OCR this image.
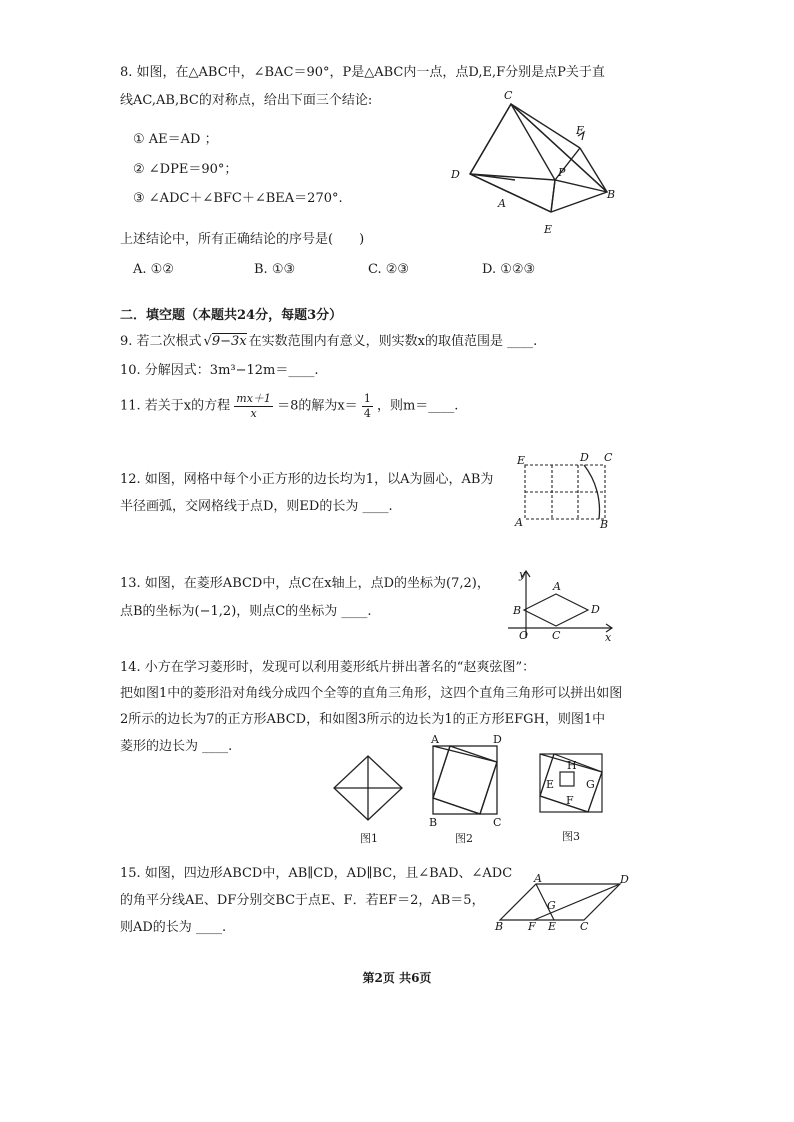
8. 如图，在△ABC中，∠BAC＝90°，P是△ABC内一点，点D,E,F分别是点P关于直
线AC,AB,BC的对称点，给出下面三个结论:
① AE＝AD ；
② ∠DPE＝90°；
③ ∠ADC＋∠BFC＋∠BEA＝270°.
上述结论中，所有正确结论的序号是(　　)
A. ①②	B. ①③	C. ②③	D. ①②③
C
F
D	P
A
B
E
二．填空题（本题共24分，每题3分）
9. 若二次根式 √9−3x 在实数范围内有意义，则实数x的取值范围是 ____.
10. 分解因式：3m³−12m＝____.
11. 若关于x的方程 $\frac{mx+1}{x} =8$的解为$x= \frac{1}{4}$ ，则m＝____.
12. 如图，网格中每个小正方形的边长均为1，以A为圆心，AB为
半径画弧，交网格线于点D，则ED的长为 ____.
E	D C
A	B
13. 如图，在菱形ABCD中，点C在x轴上，点D的坐标为(7,2)，
点B的坐标为(−1,2)，则点C的坐标为 ____.
y
A
B	D
O C	x
14. 小方在学习菱形时，发现可以利用菱形纸片拼出著名的“赵爽弦图”：
把如图1中的菱形沿对角线分成四个全等的直角三角形，这四个直角三角形可以拼出如图
2所示的边长为7的正方形ABCD，和如图3所示的边长为1的正方形EFGH，则图1中
菱形的边长为 ____.
图1
A	D
B	C
图2
H
E	G
F
图3
15. 如图，四边形ABCD中，AB∥CD，AD∥BC，且∠BAD、∠ADC
的角平分线AE、DF分别交BC于点E、F．若EF＝2，AB＝5，
则AD的长为 ____.
A	D
G
B F E C
第2页 共6页
